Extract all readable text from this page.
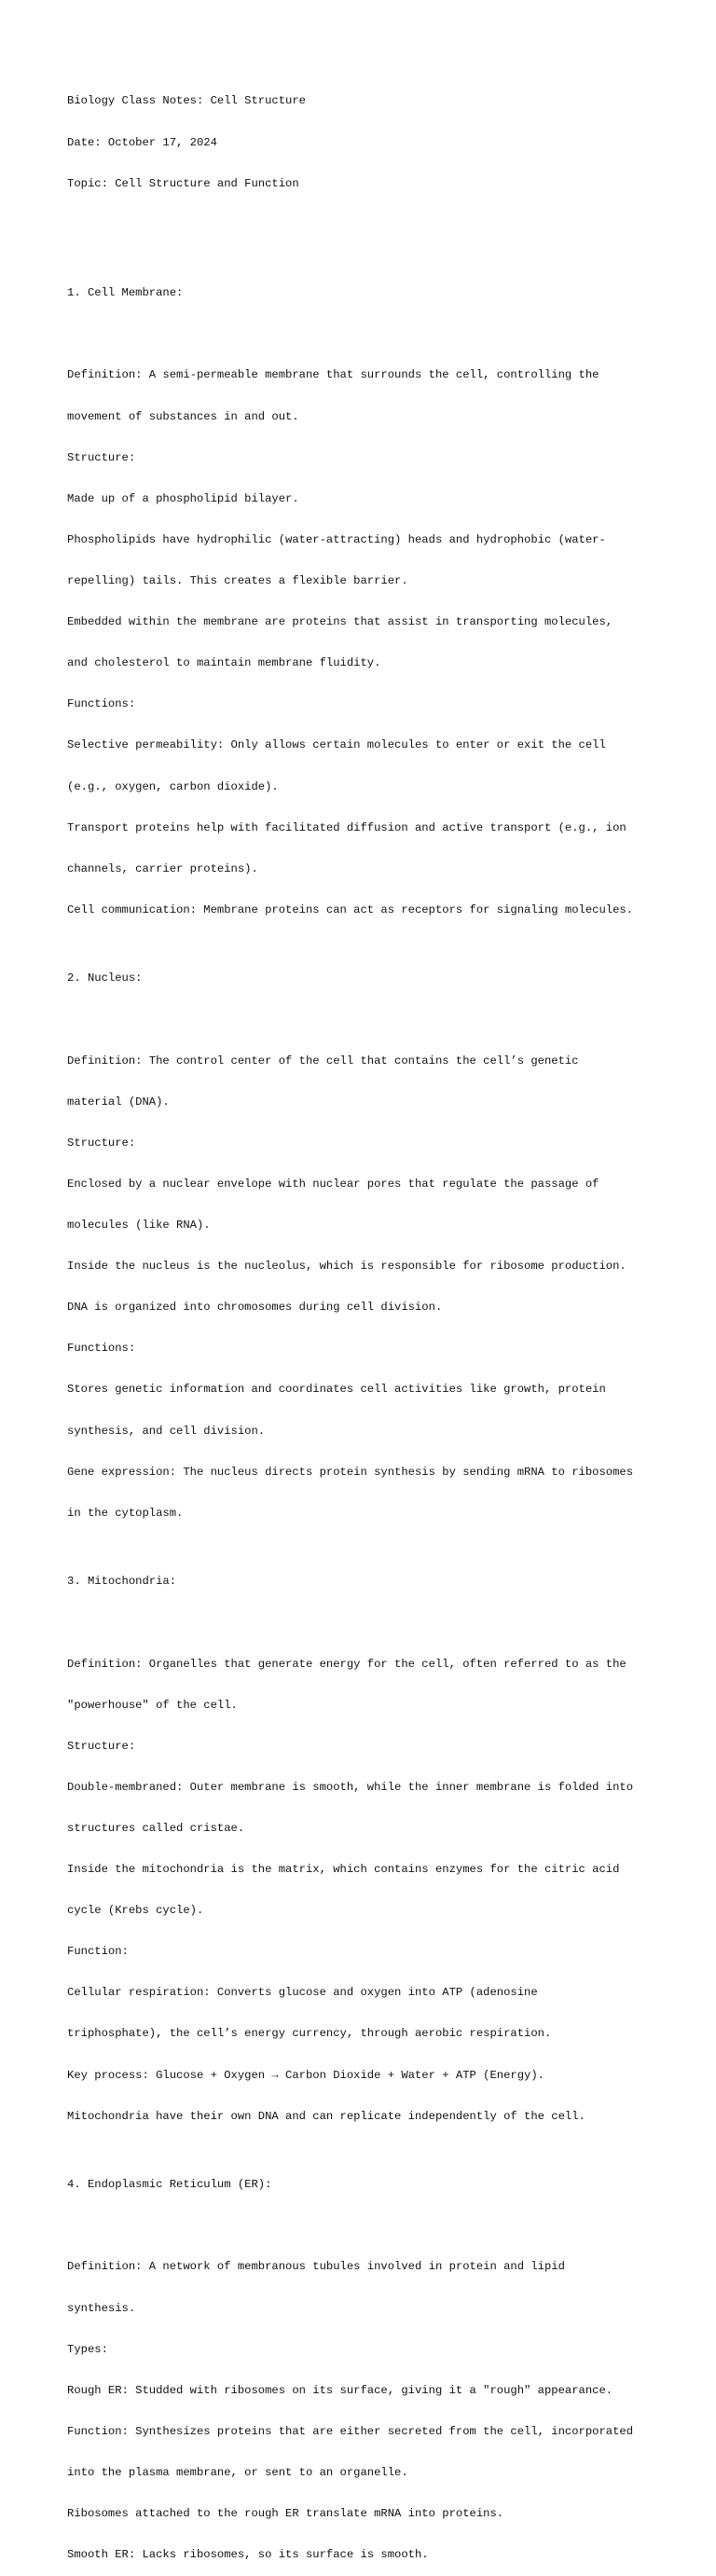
Biology Class Notes: Cell Structure

Date: October 17, 2024

Topic: Cell Structure and Function

1. Cell Membrane:

Definition: A semi-permeable membrane that surrounds the cell, controlling the

movement of substances in and out.

Structure:

Made up of a phospholipid bilayer.

Phospholipids have hydrophilic (water-attracting) heads and hydrophobic (water-

repelling) tails. This creates a flexible barrier.

Embedded within the membrane are proteins that assist in transporting molecules,

and cholesterol to maintain membrane fluidity.

Functions:

Selective permeability: Only allows certain molecules to enter or exit the cell

(e.g., oxygen, carbon dioxide).

Transport proteins help with facilitated diffusion and active transport (e.g., ion

channels, carrier proteins).

Cell communication: Membrane proteins can act as receptors for signaling molecules.

2. Nucleus:

Definition: The control center of the cell that contains the cell’s genetic

material (DNA).

Structure:

Enclosed by a nuclear envelope with nuclear pores that regulate the passage of

molecules (like RNA).

Inside the nucleus is the nucleolus, which is responsible for ribosome production.

DNA is organized into chromosomes during cell division.

Functions:

Stores genetic information and coordinates cell activities like growth, protein

synthesis, and cell division.

Gene expression: The nucleus directs protein synthesis by sending mRNA to ribosomes

in the cytoplasm.

3. Mitochondria:

Definition: Organelles that generate energy for the cell, often referred to as the

"powerhouse" of the cell.

Structure:

Double-membraned: Outer membrane is smooth, while the inner membrane is folded into

structures called cristae.

Inside the mitochondria is the matrix, which contains enzymes for the citric acid

cycle (Krebs cycle).

Function:

Cellular respiration: Converts glucose and oxygen into ATP (adenosine

triphosphate), the cell’s energy currency, through aerobic respiration.

Key process: Glucose + Oxygen → Carbon Dioxide + Water + ATP (Energy).

Mitochondria have their own DNA and can replicate independently of the cell.

4. Endoplasmic Reticulum (ER):

Definition: A network of membranous tubules involved in protein and lipid

synthesis.

Types:

Rough ER: Studded with ribosomes on its surface, giving it a "rough" appearance.

Function: Synthesizes proteins that are either secreted from the cell, incorporated

into the plasma membrane, or sent to an organelle.

Ribosomes attached to the rough ER translate mRNA into proteins.

Smooth ER: Lacks ribosomes, so its surface is smooth.
